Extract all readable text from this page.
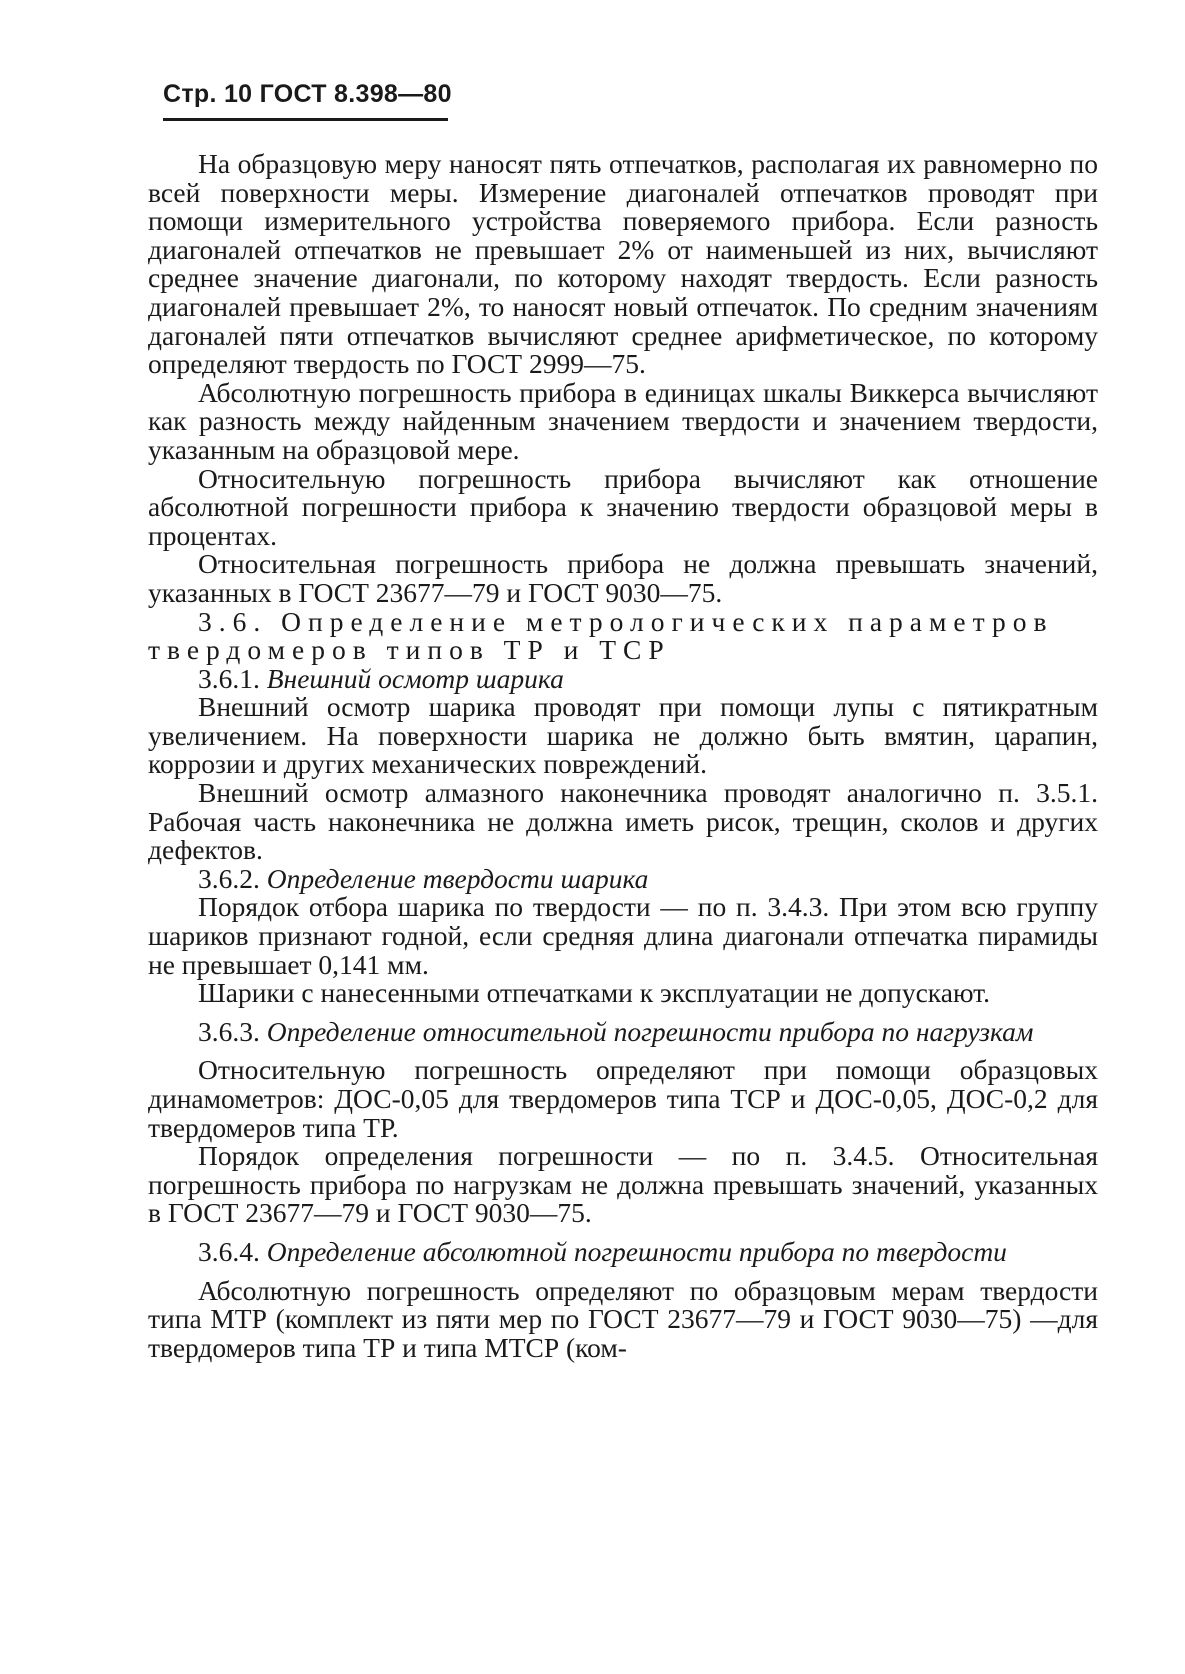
Стр. 10 ГОСТ 8.398—80

На образцовую меру наносят пять отпечатков, располагая их равномерно по всей поверхности меры. Измерение диагоналей отпечатков проводят при помощи измерительного устройства поверяемого прибора. Если разность диагоналей отпечатков не превышает 2% от наименьшей из них, вычисляют среднее значение диагонали, по которому находят твердость. Если разность диагоналей превышает 2%, то наносят новый отпечаток. По средним значениям дагоналей пяти отпечатков вычисляют среднее арифметическое, по которому определяют твердость по ГОСТ 2999—75.

Абсолютную погрешность прибора в единицах шкалы Виккерса вычисляют как разность между найденным значением твердости и значением твердости, указанным на образцовой мере.

Относительную погрешность прибора вычисляют как отношение абсолютной погрешности прибора к значению твердости образцовой меры в процентах.

Относительная погрешность прибора не должна превышать значений, указанных в ГОСТ 23677—79 и ГОСТ 9030—75.

3.6. Определение метрологических параметров твердомеров типов ТР и ТСР

3.6.1. Внешний осмотр шарика

Внешний осмотр шарика проводят при помощи лупы с пятикратным увеличением. На поверхности шарика не должно быть вмятин, царапин, коррозии и других механических повреждений.

Внешний осмотр алмазного наконечника проводят аналогично п. 3.5.1. Рабочая часть наконечника не должна иметь рисок, трещин, сколов и других дефектов.

3.6.2. Определение твердости шарика

Порядок отбора шарика по твердости — по п. 3.4.3. При этом всю группу шариков признают годной, если средняя длина диагонали отпечатка пирамиды не превышает 0,141 мм.

Шарики с нанесенными отпечатками к эксплуатации не допускают.

3.6.3. Определение относительной погрешности прибора по нагрузкам

Относительную погрешность определяют при помощи образцовых динамометров: ДОС-0,05 для твердомеров типа ТСР и ДОС-0,05, ДОС-0,2 для твердомеров типа ТР.

Порядок определения погрешности — по п. 3.4.5. Относительная погрешность прибора по нагрузкам не должна превышать значений, указанных в ГОСТ 23677—79 и ГОСТ 9030—75.

3.6.4. Определение абсолютной погрешности прибора по твердости

Абсолютную погрешность определяют по образцовым мерам твердости типа МТР (комплект из пяти мер по ГОСТ 23677—79 и ГОСТ 9030—75) —для твердомеров типа ТР и типа МТСР (ком-
